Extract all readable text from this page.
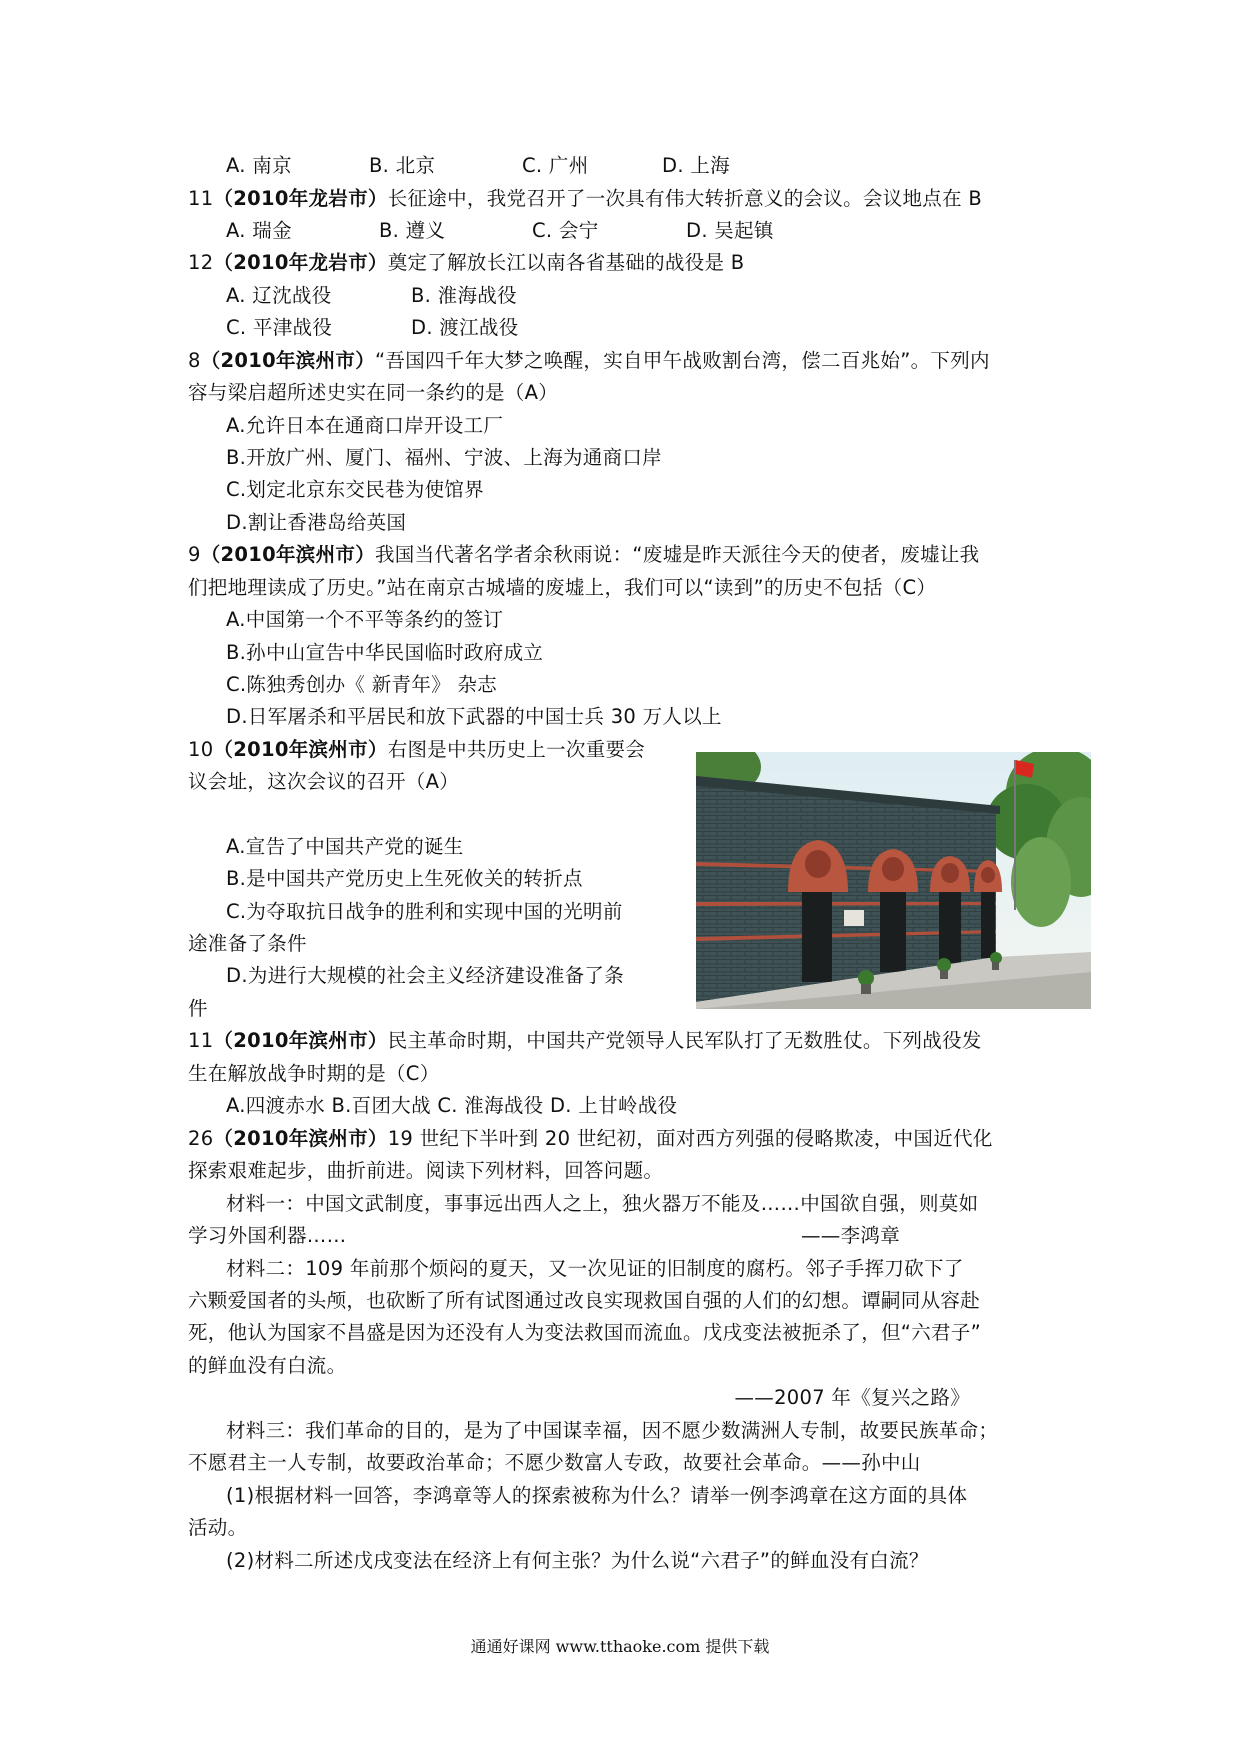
A. 南京	B. 北京	C. 广州	D. 上海
11（2010年龙岩市）长征途中，我党召开了一次具有伟大转折意义的会议。会议地点在 B
A. 瑞金	B. 遵义	C. 会宁	D. 吴起镇
12（2010年龙岩市）奠定了解放长江以南各省基础的战役是 B
A. 辽沈战役	B. 淮海战役
C. 平津战役	D. 渡江战役
8（2010年滨州市）“吾国四千年大梦之唤醒，实自甲午战败割台湾，偿二百兆始”。下列内
容与梁启超所述史实在同一条约的是（A）
A.允许日本在通商口岸开设工厂
B.开放广州、厦门、福州、宁波、上海为通商口岸
C.划定北京东交民巷为使馆界
D.割让香港岛给英国
9（2010年滨州市）我国当代著名学者余秋雨说：“废墟是昨天派往今天的使者，废墟让我
们把地理读成了历史。”站在南京古城墙的废墟上，我们可以“读到”的历史不包括（C）
A.中国第一个不平等条约的签订
B.孙中山宣告中华民国临时政府成立
C.陈独秀创办《 新青年》 杂志
D.日军屠杀和平居民和放下武器的中国士兵 30 万人以上
10（2010年滨州市）右图是中共历史上一次重要会
议会址，这次会议的召开（A）
A.宣告了中国共产党的诞生
B.是中国共产党历史上生死攸关的转折点
C.为夺取抗日战争的胜利和实现中国的光明前
途准备了条件
D.为进行大规模的社会主义经济建设准备了条
件
11（2010年滨州市）民主革命时期，中国共产党领导人民军队打了无数胜仗。下列战役发
生在解放战争时期的是（C）
A.四渡赤水 B.百团大战 C. 淮海战役 D. 上甘岭战役
26（2010年滨州市）19 世纪下半叶到 20 世纪初，面对西方列强的侵略欺凌，中国近代化
探索艰难起步，曲折前进。阅读下列材料，回答问题。
材料一：中国文武制度，事事远出西人之上，独火器万不能及……中国欲自强，则莫如
学习外国利器……	——李鸿章
材料二：109 年前那个烦闷的夏天，又一次见证的旧制度的腐朽。邻子手挥刀砍下了
六颗爱国者的头颅，也砍断了所有试图通过改良实现救国自强的人们的幻想。谭嗣同从容赴
死，他认为国家不昌盛是因为还没有人为变法救国而流血。戊戌变法被扼杀了，但“六君子”
的鲜血没有白流。
——2007 年《复兴之路》
材料三：我们革命的目的，是为了中国谋幸福，因不愿少数满洲人专制，故要民族革命；
不愿君主一人专制，故要政治革命；不愿少数富人专政，故要社会革命。——孙中山
(1)根据材料一回答，李鸿章等人的探索被称为什么？请举一例李鸿章在这方面的具体
活动。
(2)材料二所述戊戌变法在经济上有何主张？为什么说“六君子”的鲜血没有白流？
通通好课网 www.tthaoke.com 提供下载
